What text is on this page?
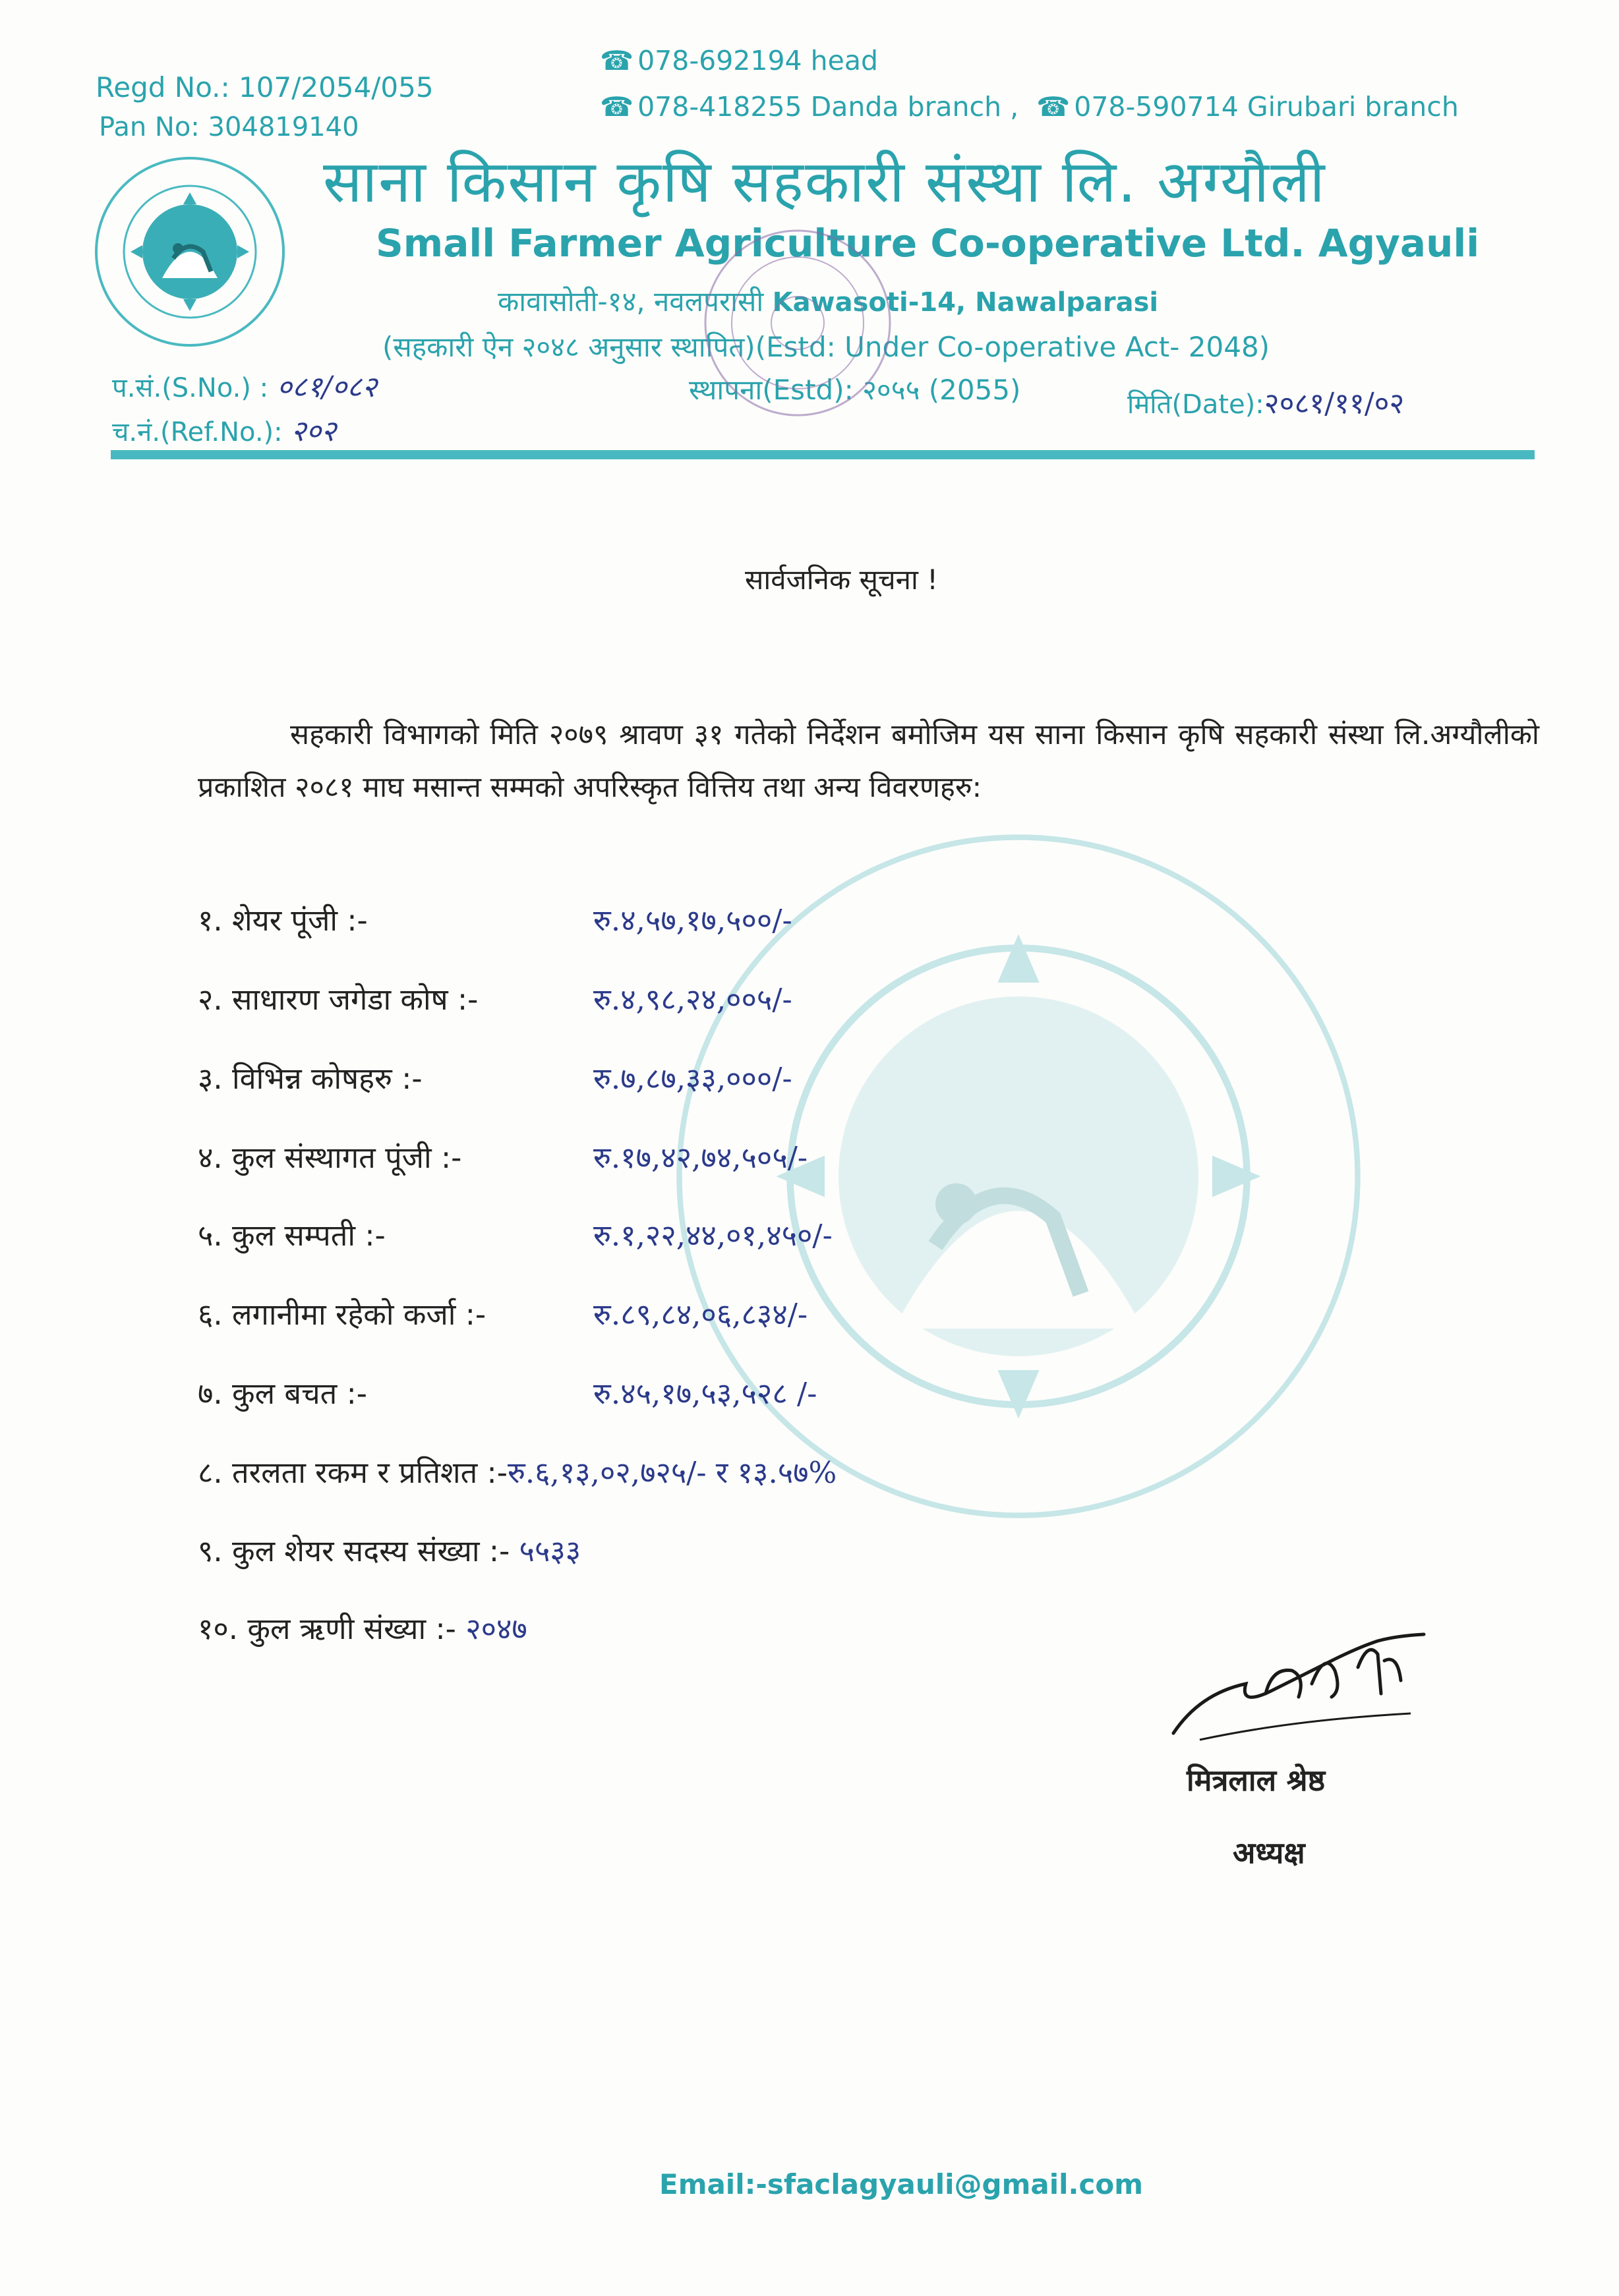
Regd No.: 107/2054/055
Pan No: 304819140
☎ 078-692194 head
☎ 078-418255 Danda branch , ☎ 078-590714 Girubari branch
साना किसान कृषि सहकारी संस्था लि. अग्यौली
Small Farmer Agriculture Co-operative Ltd. Agyauli
कावासोती-१४, नवलपरासी Kawasoti-14, Nawalparasi
(सहकारी ऐन २०४८ अनुसार स्थापित)(Estd: Under Co-operative Act- 2048)
स्थापना(Estd): २०५५ (2055)
प.सं.(S.No.) : ०८१/०८२
च.नं.(Ref.No.): २०२
मिति(Date):२०८१/११/०२
सार्वजनिक सूचना !
सहकारी विभागको मिति २०७९ श्रावण ३१ गतेको निर्देशन बमोजिम यस साना किसान कृषि सहकारी संस्था लि.अग्यौलीको प्रकाशित २०८१ माघ मसान्त सम्मको अपरिस्कृत वित्तिय तथा अन्य विवरणहरु:
१. शेयर पूंजी :-	रु.४,५७,१७,५००/-
२. साधारण जगेडा कोष :-	रु.४,९८,२४,००५/-
३. विभिन्न कोषहरु :-	रु.७,८७,३३,०००/-
४. कुल संस्थागत पूंजी :-	रु.१७,४२,७४,५०५/-
५. कुल सम्पती :-	रु.१,२२,४४,०१,४५०/-
६. लगानीमा रहेको कर्जा :-	रु.८९,८४,०६,८३४/-
७. कुल बचत :-	रु.४५,१७,५३,५२८ /-
८. तरलता रकम र प्रतिशत :-रु.६,१३,०२,७२५/- र १३.५७%
९. कुल शेयर सदस्य संख्या :- ५५३३
१०. कुल ऋणी संख्या :- २०४७
मित्रलाल श्रेष्ठ
अध्यक्ष
Email:-sfaclagyauli@gmail.com
